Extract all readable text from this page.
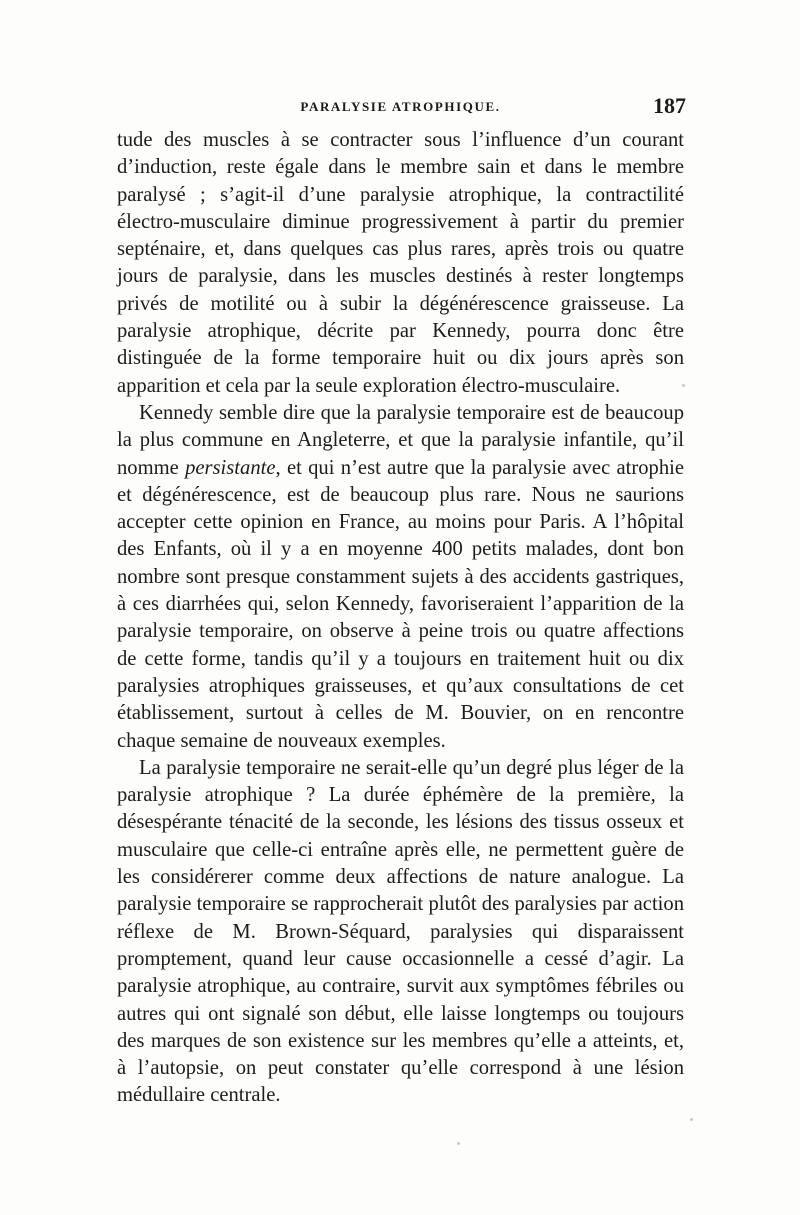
PARALYSIE ATROPHIQUE.	187

tude des muscles à se contracter sous l’influence d’un courant d’induction, reste égale dans le membre sain et dans le membre paralysé ; s’agit-il d’une paralysie atrophique, la contractilité électro-musculaire diminue progressivement à partir du premier septénaire, et, dans quelques cas plus rares, après trois ou quatre jours de paralysie, dans les muscles destinés à rester longtemps privés de motilité ou à subir la dégénérescence graisseuse. La paralysie atrophique, décrite par Kennedy, pourra donc être distinguée de la forme temporaire huit ou dix jours après son apparition et cela par la seule exploration électro-musculaire.

Kennedy semble dire que la paralysie temporaire est de beaucoup la plus commune en Angleterre, et que la paralysie infantile, qu’il nomme persistante, et qui n’est autre que la paralysie avec atrophie et dégénérescence, est de beaucoup plus rare. Nous ne saurions accepter cette opinion en France, au moins pour Paris. A l’hôpital des Enfants, où il y a en moyenne 400 petits malades, dont bon nombre sont presque constamment sujets à des accidents gastriques, à ces diarrhées qui, selon Kennedy, favoriseraient l’apparition de la paralysie temporaire, on observe à peine trois ou quatre affections de cette forme, tandis qu’il y a toujours en traitement huit ou dix paralysies atrophiques graisseuses, et qu’aux consultations de cet établissement, surtout à celles de M. Bouvier, on en rencontre chaque semaine de nouveaux exemples.

La paralysie temporaire ne serait-elle qu’un degré plus léger de la paralysie atrophique ? La durée éphémère de la première, la désespérante ténacité de la seconde, les lésions des tissus osseux et musculaire que celle-ci entraîne après elle, ne permettent guère de les considérerer comme deux affections de nature analogue. La paralysie temporaire se rapprocherait plutôt des paralysies par action réflexe de M. Brown-Séquard, paralysies qui disparaissent promptement, quand leur cause occasionnelle a cessé d’agir. La paralysie atrophique, au contraire, survit aux symptômes fébriles ou autres qui ont signalé son début, elle laisse longtemps ou toujours des marques de son existence sur les membres qu’elle a atteints, et, à l’autopsie, on peut constater qu’elle correspond à une lésion médullaire centrale.
